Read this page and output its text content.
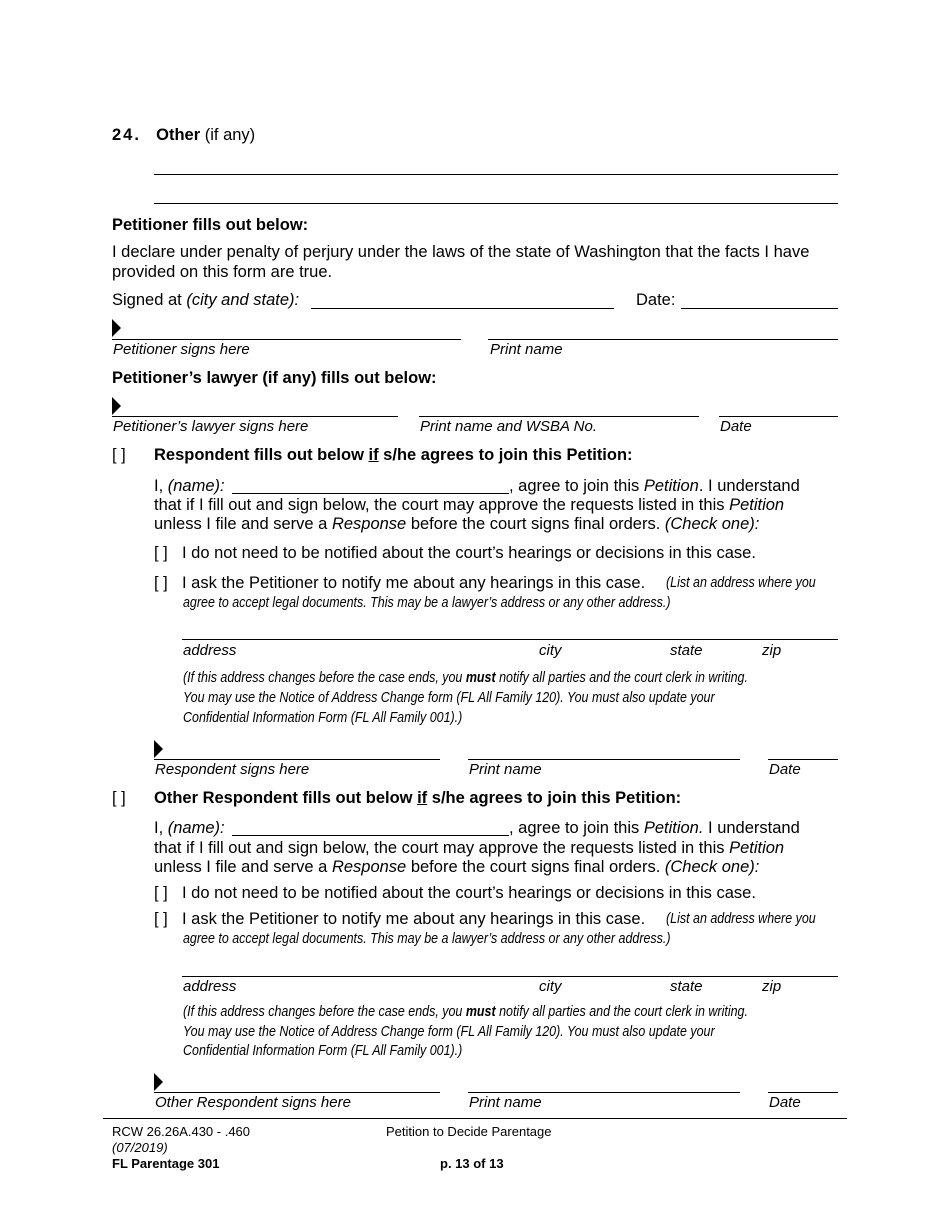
24. Other (if any)
Petitioner fills out below:
I declare under penalty of perjury under the laws of the state of Washington that the facts I have provided on this form are true.
Signed at (city and state):	Date:
Petitioner signs here	Print name
Petitioner’s lawyer (if any) fills out below:
Petitioner’s lawyer signs here	Print name and WSBA No.	Date
[ ] Respondent fills out below if s/he agrees to join this Petition:
I, (name):	, agree to join this Petition. I understand
that if I fill out and sign below, the court may approve the requests listed in this Petition
unless I file and serve a Response before the court signs final orders. (Check one):
[ ] I do not need to be notified about the court’s hearings or decisions in this case.
[ ] I ask the Petitioner to notify me about any hearings in this case. (List an address where you
agree to accept legal documents. This may be a lawyer’s address or any other address.)
address	city	state	zip
(If this address changes before the case ends, you must notify all parties and the court clerk in writing.
You may use the Notice of Address Change form (FL All Family 120). You must also update your
Confidential Information Form (FL All Family 001).)
Respondent signs here	Print name	Date
[ ] Other Respondent fills out below if s/he agrees to join this Petition:
I, (name):	, agree to join this Petition. I understand
that if I fill out and sign below, the court may approve the requests listed in this Petition
unless I file and serve a Response before the court signs final orders. (Check one):
[ ] I do not need to be notified about the court’s hearings or decisions in this case.
[ ] I ask the Petitioner to notify me about any hearings in this case. (List an address where you
agree to accept legal documents. This may be a lawyer’s address or any other address.)
address	city	state	zip
(If this address changes before the case ends, you must notify all parties and the court clerk in writing.
You may use the Notice of Address Change form (FL All Family 120). You must also update your
Confidential Information Form (FL All Family 001).)
Other Respondent signs here	Print name	Date
RCW 26.26A.430 - .460
(07/2019)
FL Parentage 301
Petition to Decide Parentage
p. 13 of 13
